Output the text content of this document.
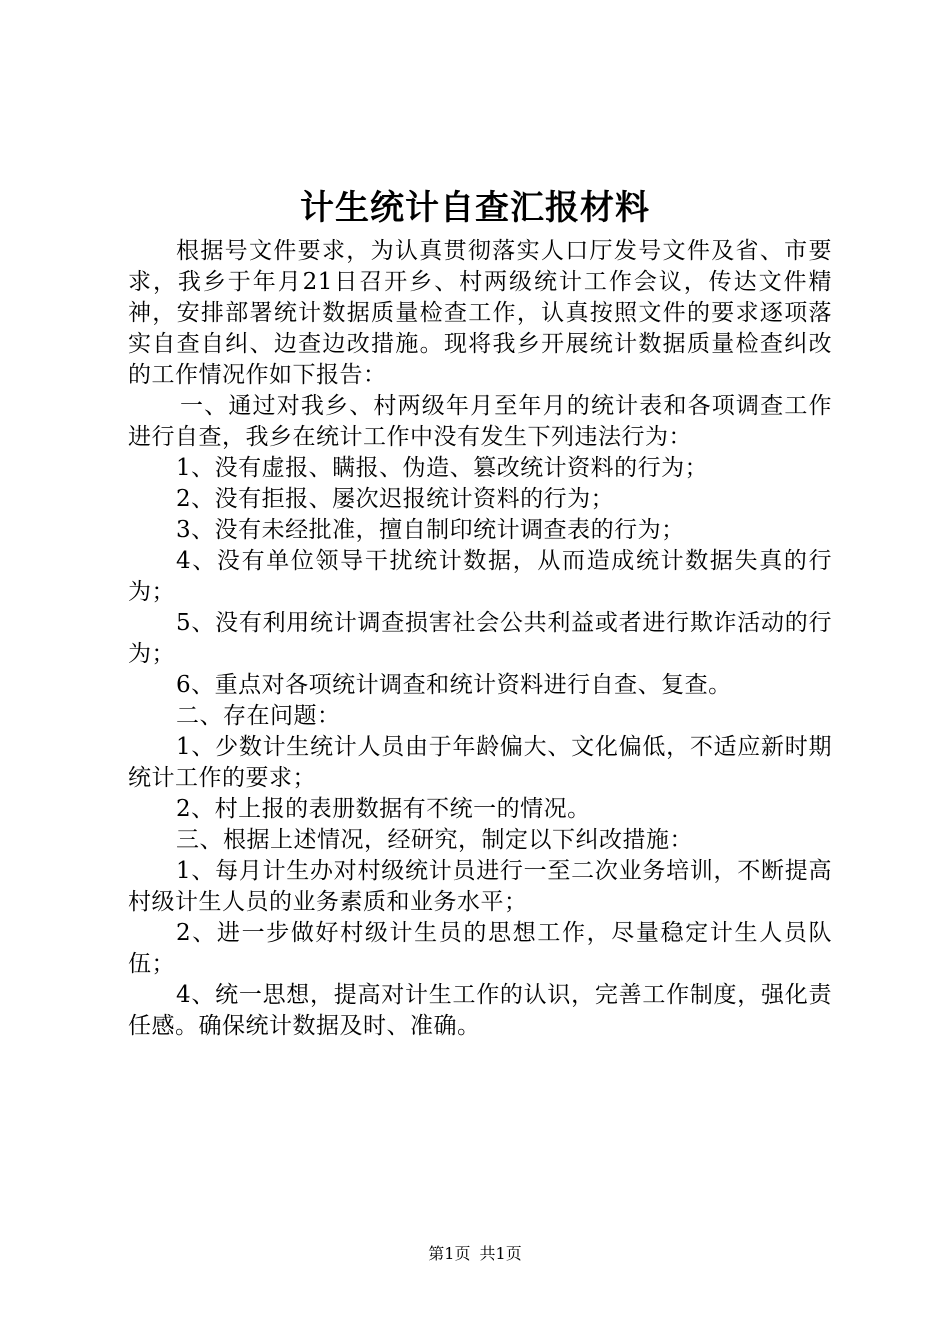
计生统计自查汇报材料

根据号文件要求，为认真贯彻落实人口厅发号文件及省、市要求，我乡于年月21日召开乡、村两级统计工作会议，传达文件精神，安排部署统计数据质量检查工作，认真按照文件的要求逐项落实自查自纠、边查边改措施。现将我乡开展统计数据质量检查纠改的工作情况作如下报告：

一、通过对我乡、村两级年月至年月的统计表和各项调查工作进行自查，我乡在统计工作中没有发生下列违法行为：

1、没有虚报、瞒报、伪造、篡改统计资料的行为；

2、没有拒报、屡次迟报统计资料的行为；

3、没有未经批准，擅自制印统计调查表的行为；

4、没有单位领导干扰统计数据，从而造成统计数据失真的行为；

5、没有利用统计调查损害社会公共利益或者进行欺诈活动的行为；

6、重点对各项统计调查和统计资料进行自查、复查。

二、存在问题：

1、少数计生统计人员由于年龄偏大、文化偏低，不适应新时期统计工作的要求；

2、村上报的表册数据有不统一的情况。

三、根据上述情况，经研究，制定以下纠改措施：

1、每月计生办对村级统计员进行一至二次业务培训，不断提高村级计生人员的业务素质和业务水平；

2、进一步做好村级计生员的思想工作，尽量稳定计生人员队伍；

4、统一思想，提高对计生工作的认识，完善工作制度，强化责任感。确保统计数据及时、准确。

第1页 共1页
